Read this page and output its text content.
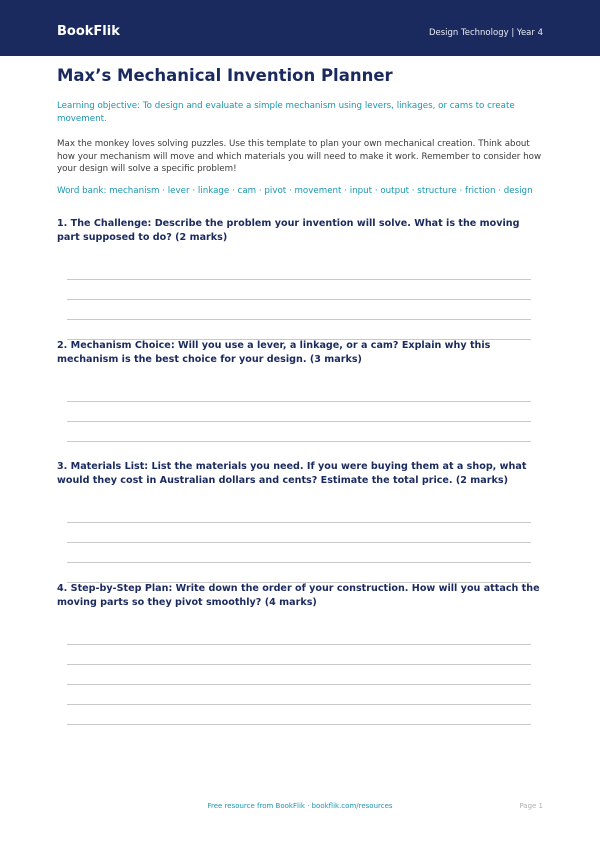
BookFlik	Design Technology | Year 4
Max’s Mechanical Invention Planner
Learning objective: To design and evaluate a simple mechanism using levers, linkages, or cams to create movement.
Max the monkey loves solving puzzles. Use this template to plan your own mechanical creation. Think about how your mechanism will move and which materials you will need to make it work. Remember to consider how your design will solve a specific problem!
Word bank: mechanism · lever · linkage · cam · pivot · movement · input · output · structure · friction · design
1. The Challenge: Describe the problem your invention will solve. What is the moving part supposed to do? (2 marks)
2. Mechanism Choice: Will you use a lever, a linkage, or a cam? Explain why this mechanism is the best choice for your design. (3 marks)
3. Materials List: List the materials you need. If you were buying them at a shop, what would they cost in Australian dollars and cents? Estimate the total price. (2 marks)
4. Step-by-Step Plan: Write down the order of your construction. How will you attach the moving parts so they pivot smoothly? (4 marks)
Free resource from BookFlik · bookflik.com/resources	Page 1
